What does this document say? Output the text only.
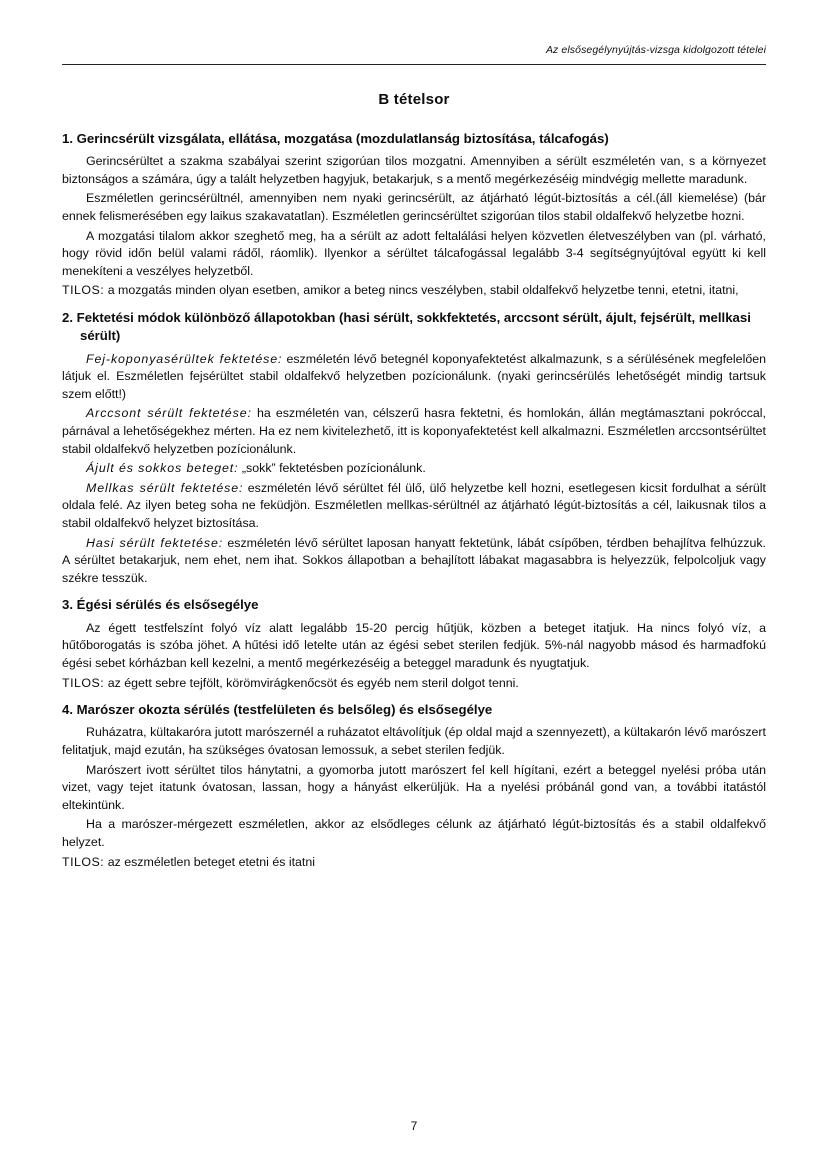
Az elsősegélynyújtás-vizsga kidolgozott tételei
B tételsor
1. Gerincsérült vizsgálata, ellátása, mozgatása (mozdulatlanság biztosítása, tálcafogás)

Gerincsérültet a szakma szabályai szerint szigorúan tilos mozgatni. Amennyiben a sérült eszméletén van, s a környezet biztonságos a számára, úgy a talált helyzetben hagyjuk, betakarjuk, s a mentő megérkezéséig mindvégig mellette maradunk.

Eszméletlen gerincsérültnél, amennyiben nem nyaki gerincsérült, az átjárható légút-biztosítás a cél.(áll kiemelése) (bár ennek felismerésében egy laikus szakavatatlan). Eszméletlen gerincsérültet szigorúan tilos stabil oldalfekvő helyzetbe hozni.

A mozgatási tilalom akkor szeghető meg, ha a sérült az adott feltalálási helyen közvetlen életveszélyben van (pl. várható, hogy rövid időn belül valami rádől, ráomlik). Ilyenkor a sérültet tálcafogással legalább 3-4 segítségnyújtóval együtt ki kell menekíteni a veszélyes helyzetből.

TILOS: a mozgatás minden olyan esetben, amikor a beteg nincs veszélyben, stabil oldalfekvő helyzetbe tenni, etetni, itatni,

2. Fektetési módok különböző állapotokban (hasi sérült, sokkfektetés, arccsont sérült, ájult, fejsérült, mellkasi sérült)

Fej-koponyasérültek fektetése: eszméletén lévő betegnél koponyafektetést alkalmazunk, s a sérülésének megfelelően látjuk el. Eszméletlen fejsérültet stabil oldalfekvő helyzetben pozícionálunk. (nyaki gerincsérülés lehetőségét mindig tartsuk szem előtt!)

Arccsont sérült fektetése: ha eszméletén van, célszerű hasra fektetni, és homlokán, állán megtámasztani pokróccal, párnával a lehetőségekhez mérten. Ha ez nem kivitelezhető, itt is koponyafektetést kell alkalmazni. Eszméletlen arccsontsérültet stabil oldalfekvő helyzetben pozícionálunk.

Ájult és sokkos beteget: „sokk” fektetésben pozícionálunk.

Mellkas sérült fektetése: eszméletén lévő sérültet fél ülő, ülő helyzetbe kell hozni, esetlegesen kicsit fordulhat a sérült oldala felé. Az ilyen beteg soha ne feküdjön. Eszméletlen mellkas-sérültnél az átjárható légút-biztosítás a cél, laikusnak tilos a stabil oldalfekvő helyzet biztosítása.

Hasi sérült fektetése: eszméletén lévő sérültet laposan hanyatt fektetünk, lábát csípőben, térdben behajlítva felhúzzuk. A sérültet betakarjuk, nem ehet, nem ihat. Sokkos állapotban a behajlított lábakat magasabbra is helyezzük, felpolcoljuk vagy székre tesszük.

3. Égési sérülés és elsősegélye

Az égett testfelszínt folyó víz alatt legalább 15-20 percig hűtjük, közben a beteget itatjuk. Ha nincs folyó víz, a hűtőborogatás is szóba jöhet. A hűtési idő letelte után az égési sebet sterilen fedjük. 5%-nál nagyobb másod és harmadfokú égési sebet kórházban kell kezelni, a mentő megérkezéséig a beteggel maradunk és nyugtatjuk.

TILOS: az égett sebre tejfölt, körömvirágkenőcsöt és egyéb nem steril dolgot tenni.

4. Marószer okozta sérülés (testfelületen és belsőleg) és elsősegélye

Ruházatra, kültakaróra jutott marószernél a ruházatot eltávolítjuk (ép oldal majd a szennyezett), a kültakarón lévő marószert felitatjuk, majd ezután, ha szükséges óvatosan lemossuk, a sebet sterilen fedjük.

Marószert ivott sérültet tilos hánytatni, a gyomorba jutott marószert fel kell hígítani, ezért a beteggel nyelési próba után vizet, vagy tejet itatunk óvatosan, lassan, hogy a hányást elkerüljük. Ha a nyelési próbánál gond van, a további itatástól eltekintünk.

Ha a marószer-mérgezett eszméletlen, akkor az elsődleges célunk az átjárható légút-biztosítás és a stabil oldalfekvő helyzet.

TILOS: az eszméletlen beteget etetni és itatni

7
